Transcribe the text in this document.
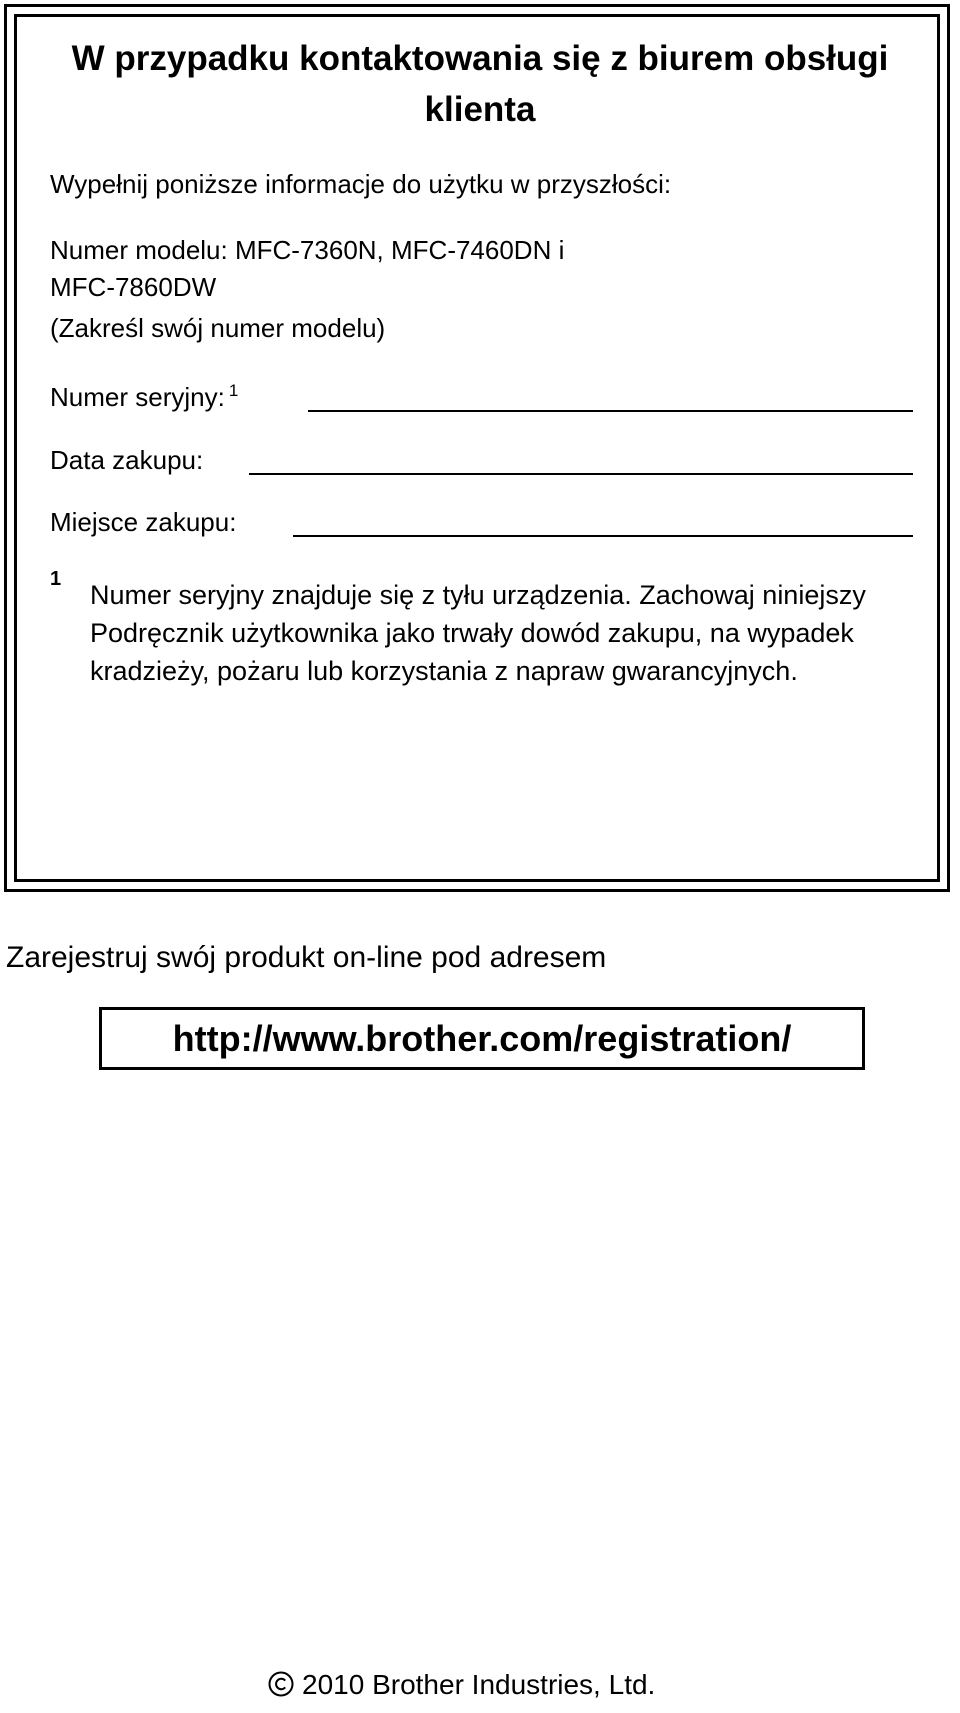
W przypadku kontaktowania się z biurem obsługi klienta
Wypełnij poniższe informacje do użytku w przyszłości:
Numer modelu: MFC-7360N, MFC-7460DN i
MFC-7860DW
(Zakreśl swój numer modelu)
Numer seryjny: $^1$
Data zakupu:
Miejsce zakupu:
1

Numer seryjny znajduje się z tyłu urządzenia. Zachowaj niniejszy Podręcznik użytkownika jako trwały dowód zakupu, na wypadek kradzieży, pożaru lub korzystania z napraw gwarancyjnych.

Zarejestruj swój produkt on-line pod adresem
http://www.brother.com/registration/
2010 Brother Industries, Ltd.
